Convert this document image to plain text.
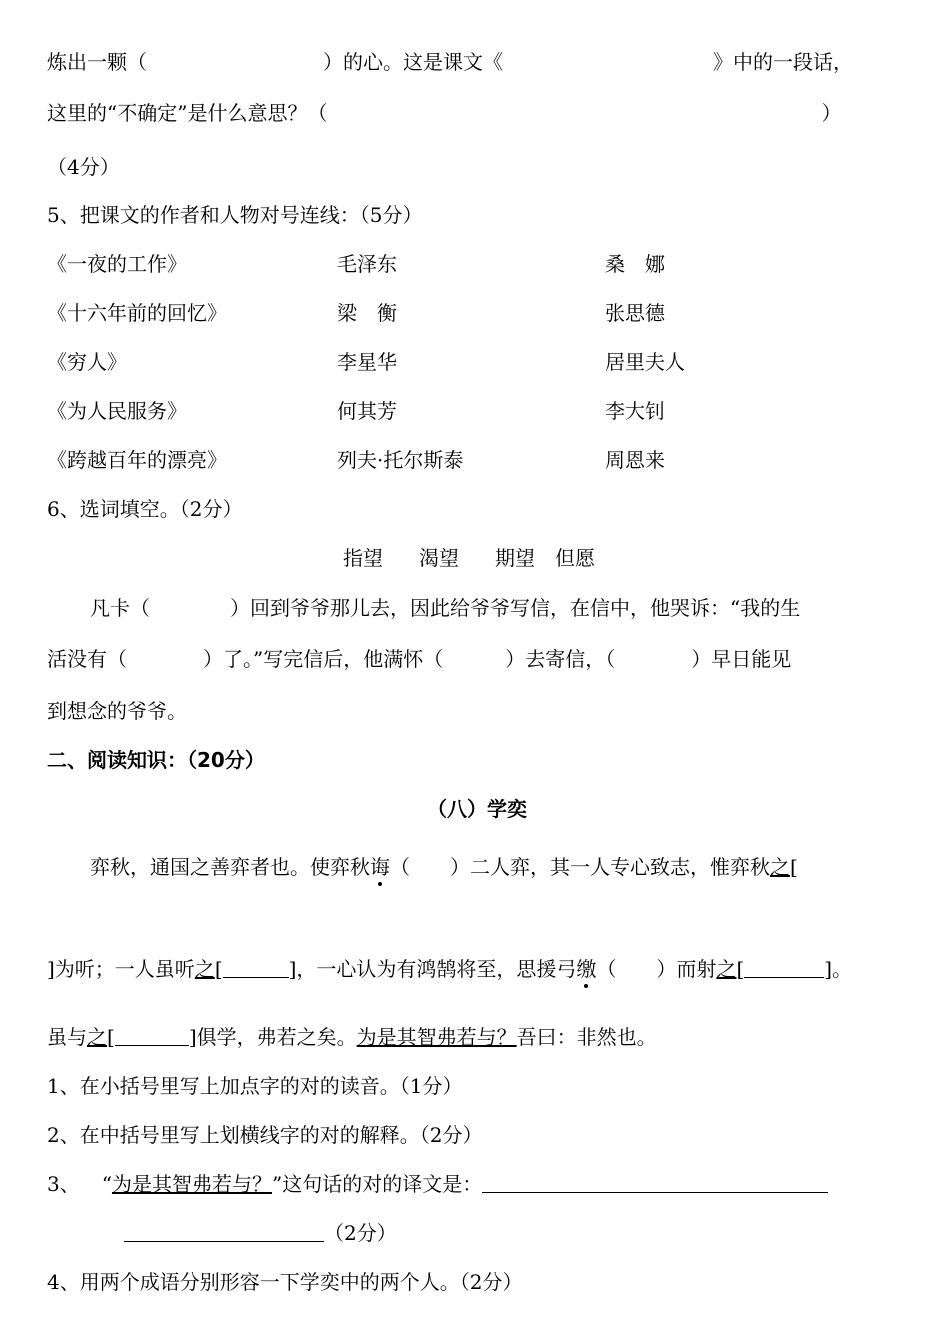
炼出一颗（	）的心。这是课文《	》中的一段话，
这里的“不确定”是什么意思？（	）
（4分）
5、把课文的作者和人物对号连线：（5分）
《一夜的工作》	毛泽东	桑　娜
《十六年前的回忆》	梁　衡	张思德
《穷人》	李星华	居里夫人
《为人民服务》	何其芳	李大钊
《跨越百年的漂亮》	列夫·托尔斯泰	周恩来
6、选词填空。（2分）
指望 渴望 期望 但愿
凡卡（	）回到爷爷那儿去，因此给爷爷写信，在信中，他哭诉：“我的生
活没有（	）了。”写完信后，他满怀（	）去寄信，（	）早日能见
到想念的爷爷。
二、阅读知识：（20分）
（八）学奕
弈秋，通国之善弈者也。使弈秋诲（　　）二人弈，其一人专心致志，惟弈秋之[
]为听；一人虽听之[	]，一心认为有鸿鹄将至，思援弓缴（　　）而射之[	]。
虽与之[	]俱学，弗若之矣。为是其智弗若与？吾曰：非然也。
1、在小括号里写上加点字的对的读音。（1分）
2、在中括号里写上划横线字的对的解释。（2分）
3、 “为是其智弗若与？”这句话的对的译文是：
（2分）
4、用两个成语分别形容一下学奕中的两个人。（2分）
